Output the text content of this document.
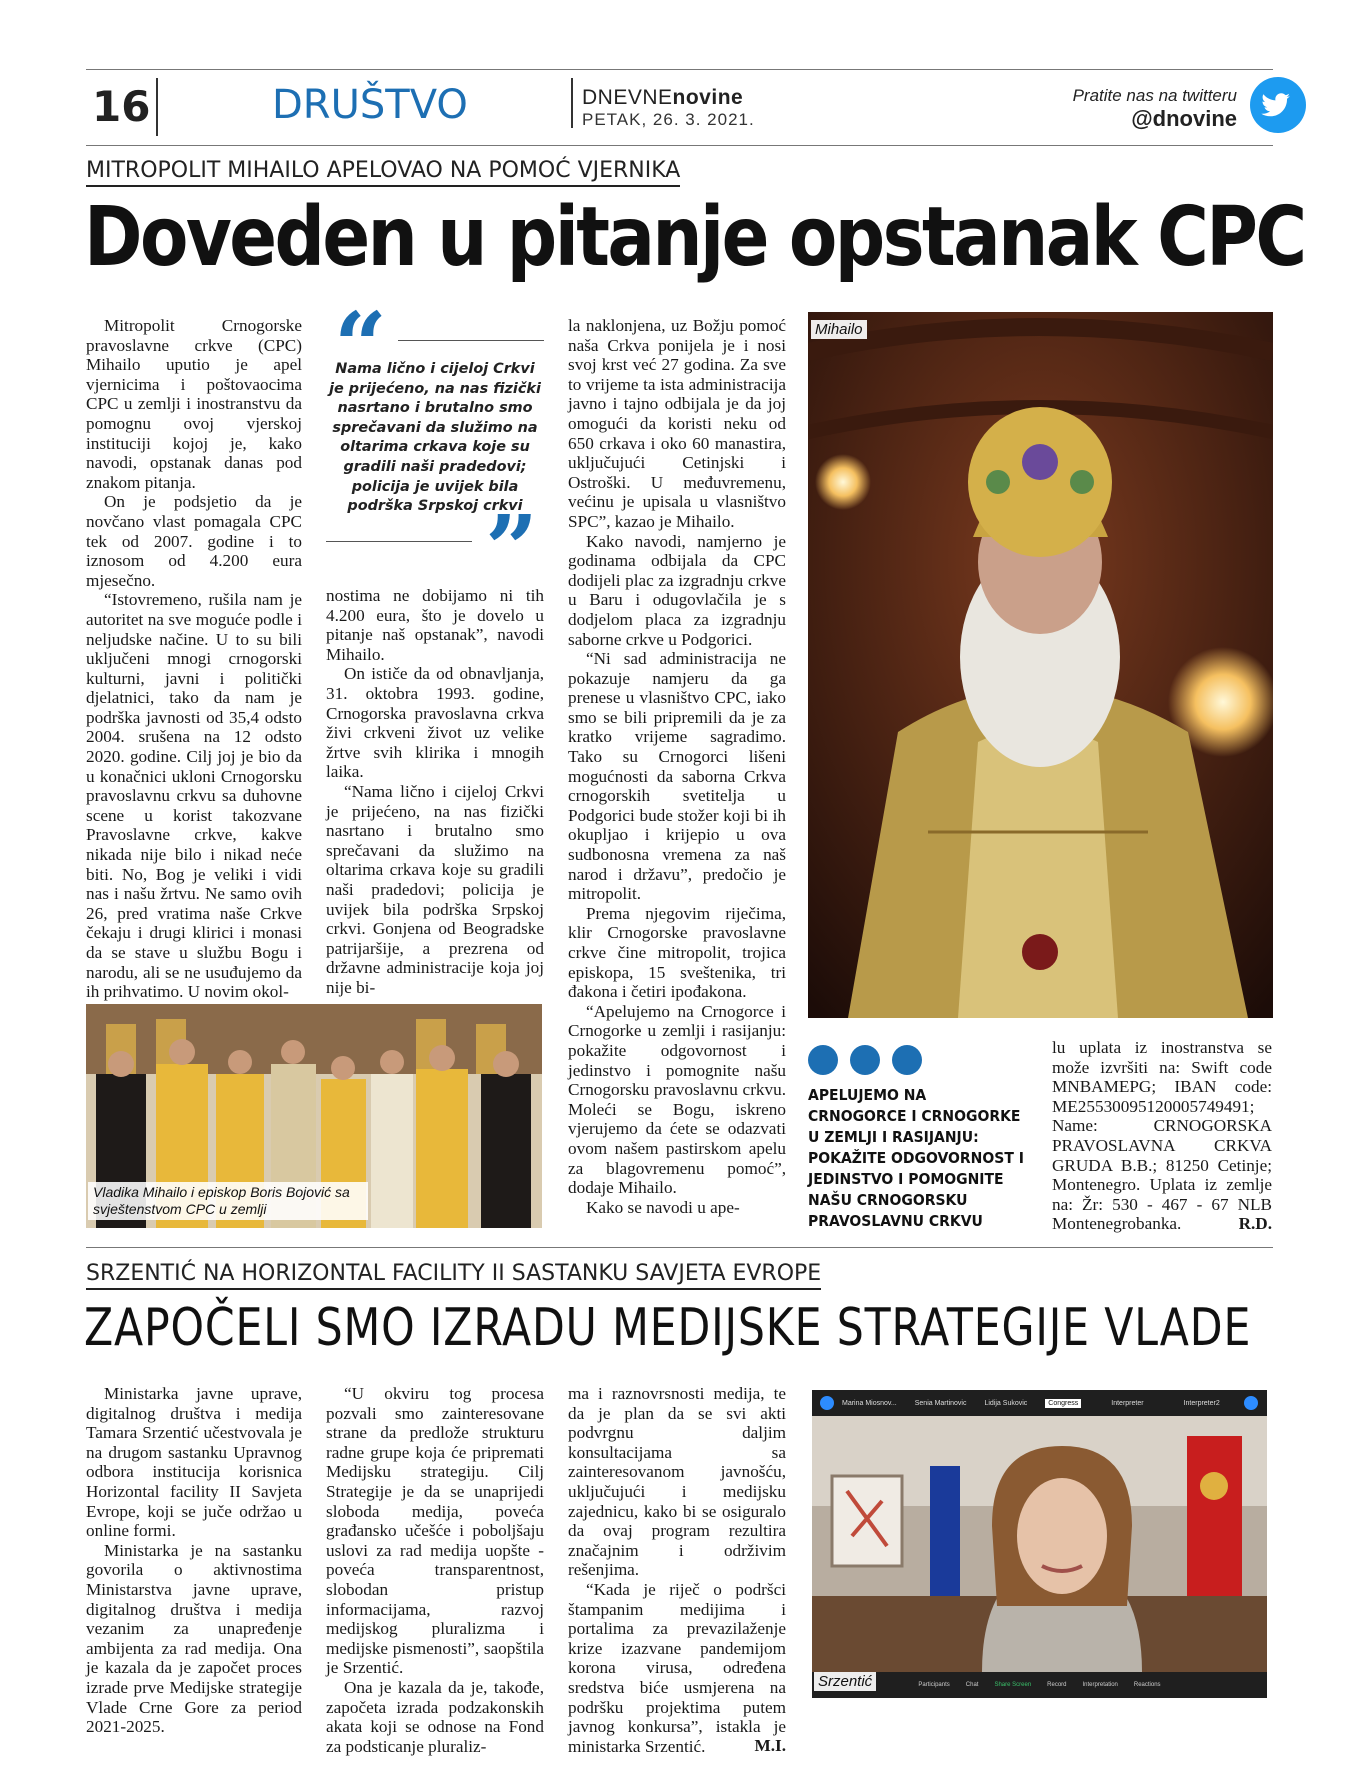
16	DRUŠTVO	DNEVNEnovine
PETAK, 26. 3. 2021.
Pratite nas na twitteru
@dnovine
MITROPOLIT MIHAILO APELOVAO NA POMOĆ VJERNIKA
Doveden u pitanje opstanak CPC

Mitropolit Crnogorske pravoslavne crkve (CPC) Mihailo uputio je apel vjernicima i poštovaocima CPC u zemlji i inostranstvu da pomognu ovoj vjerskoj instituciji kojoj je, kako navodi, opstanak danas pod znakom pitanja.

On je podsjetio da je novčano vlast pomagala CPC tek od 2007. godine i to iznosom od 4.200 eura mjesečno.

“Istovremeno, rušila nam je autoritet na sve moguće podle i neljudske načine. U to su bili uključeni mnogi crnogorski kulturni, javni i politički djelatnici, tako da nam je podrška javnosti od 35,4 odsto 2004. srušena na 12 odsto 2020. godine. Cilj joj je bio da u konačnici ukloni Crnogorsku pravoslavnu crkvu sa duhovne scene u korist takozvane Pravoslavne crkve, kakve nikada nije bilo i nikad neće biti. No, Bog je veliki i vidi nas i našu žrtvu. Ne samo ovih 26, pred vratima naše Crkve čekaju i drugi klirici i monasi da se stave u službu Bogu i narodu, ali se ne usuđujemo da ih prihvatimo. U novim okol-

“
Nama lično i cijeloj Crkvi je prijećeno, na nas fizički nasrtano i brutalno smo sprečavani da služimo na oltarima crkava koje su gradili naši pradedovi; policija je uvijek bila podrška Srpskoj crkvi
”

nostima ne dobijamo ni tih 4.200 eura, što je dovelo u pitanje naš opstanak”, navodi Mihailo.

On ističe da od obnavljanja, 31. oktobra 1993. godine, Crnogorska pravoslavna crkva živi crkveni život uz velike žrtve svih klirika i mnogih laika.

“Nama lično i cijeloj Crkvi je prijećeno, na nas fizički nasrtano i brutalno smo sprečavani da služimo na oltarima crkava koje su gradili naši pradedovi; policija je uvijek bila podrška Srpskoj crkvi. Gonjena od Beogradske patrijaršije, a prezrena od državne administracije koja joj nije bi-

la naklonjena, uz Božju pomoć naša Crkva ponijela je i nosi svoj krst već 27 godina. Za sve to vrijeme ta ista administracija javno i tajno odbijala je da joj omogući da koristi neku od 650 crkava i oko 60 manastira, uključujući Cetinjski i Ostroški. U međuvremenu, većinu je upisala u vlasništvo SPC”, kazao je Mihailo.

Kako navodi, namjerno je godinama odbijala da CPC dodijeli plac za izgradnju crkve u Baru i odugovlačila je s dodjelom placa za izgradnju saborne crkve u Podgorici.

“Ni sad administracija ne pokazuje namjeru da ga prenese u vlasništvo CPC, iako smo se bili pripremili da je za kratko vrijeme sagradimo. Tako su Crnogorci lišeni mogućnosti da saborna Crkva crnogorskih svetitelja u Podgorici bude stožer koji bi ih okupljao i krijepio u ova sudbonosna vremena za naš narod i državu”, predočio je mitropolit.

Prema njegovim riječima, klir Crnogorske pravoslavne crkve čine mitropolit, trojica episkopa, 15 sveštenika, tri đakona i četiri ipođakona.

“Apelujemo na Crnogorce i Crnogorke u zemlji i rasijanju: pokažite odgovornost i jedinstvo i pomognite našu Crnogorsku pravoslavnu crkvu. Moleći se Bogu, iskreno vjerujemo da ćete se odazvati ovom našem pastirskom apelu za blagovremenu pomoć”, dodaje Mihailo.

Kako se navodi u ape-

Mihailo
Vladika Mihailo i episkop Boris Bojović sa svještenstvom CPC u zemlji
APELUJEMO NA CRNOGORCE I CRNOGORKE U ZEMLJI I RASIJANJU: POKAŽITE ODGOVORNOST I JEDINSTVO I POMOGNITE NAŠU CRNOGORSKU PRAVOSLAVNU CRKVU
lu uplata iz inostranstva se može izvršiti na: Swift code MNBAMEPG; IBAN code: ME25530095120005749491; Name: CRNOGORSKA PRAVOSLAVNA CRKVA GRUDA B.B.; 81250 Cetinje; Montenegro. Uplata iz zemlje na: Žr: 530 - 467 - 67 NLB Montenegrobanka.	R.D.
SRZENTIĆ NA HORIZONTAL FACILITY II SASTANKU SAVJETA EVROPE
ZAPOČELI SMO IZRADU MEDIJSKE STRATEGIJE VLADE

Ministarka javne uprave, digitalnog društva i medija Tamara Srzentić učestvovala je na drugom sastanku Upravnog odbora institucija korisnica Horizontal facility II Savjeta Evrope, koji se juče održao u online formi.

Ministarka je na sastanku govorila o aktivnostima Ministarstva javne uprave, digitalnog društva i medija vezanim za unapređenje ambijenta za rad medija. Ona je kazala da je započet proces izrade prve Medijske strategije Vlade Crne Gore za period 2021-2025.

“U okviru tog procesa pozvali smo zainteresovane strane da predlože strukturu radne grupe koja će pripremati Medijsku strategiju. Cilj Strategije je da se unaprijedi sloboda medija, poveća građansko učešće i poboljšaju uslovi za rad medija uopšte - poveća transparentnost, slobodan pristup informacijama, razvoj medijskog pluralizma i medijske pismenosti”, saopštila je Srzentić.

Ona je kazala da je, takođe, započeta izrada podzakonskih akata koji se odnose na Fond za podsticanje pluraliz-

ma i raznovrsnosti medija, te da je plan da se svi akti podvrgnu daljim konsultacijama sa zainteresovanom javnošću, uključujući i medijsku zajednicu, kako bi se osiguralo da ovaj program rezultira značajnim i održivim rešenjima.

“Kada je riječ o podršci štampanim medijima i portalima za prevazilaženje krize izazvane pandemijom korona virusa, određena sredstva biće usmjerena na podršku projektima putem javnog konkursa”, istakla je ministarka Srzentić.	M.I.
Marina Miosnov...	Senia Martinovic	Lidija Sukovic	Congress	Interpreter	Interpreter2
Participants	Chat	Share Screen	Record	Interpretation	Reactions
Srzentić
